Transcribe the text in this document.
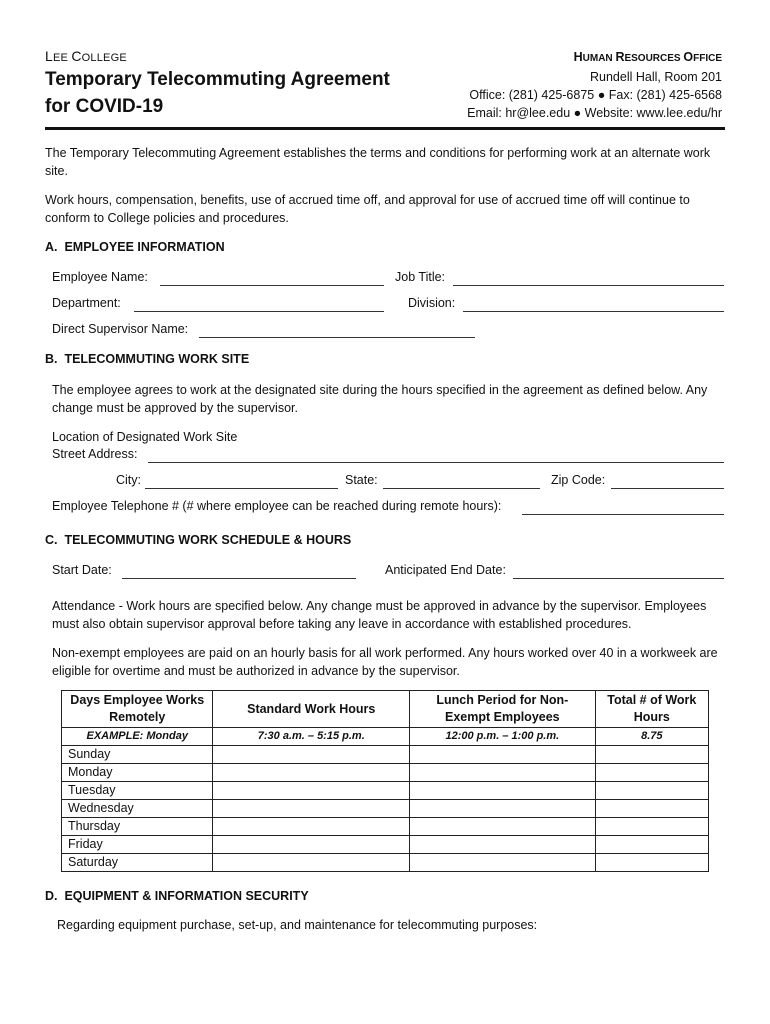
LEE COLLEGE
Temporary Telecommuting Agreement
for COVID-19
HUMAN RESOURCES OFFICE
Rundell Hall, Room 201
Office: (281) 425-6875 ● Fax: (281) 425-6568
Email: hr@lee.edu ● Website: www.lee.edu/hr
The Temporary Telecommuting Agreement establishes the terms and conditions for performing work at an alternate work site.
Work hours, compensation, benefits, use of accrued time off, and approval for use of accrued time off will continue to conform to College policies and procedures.
A.  EMPLOYEE INFORMATION
Employee Name:	Job Title:
Department:	Division:
Direct Supervisor Name:
B.  TELECOMMUTING WORK SITE
The employee agrees to work at the designated site during the hours specified in the agreement as defined below. Any change must be approved by the supervisor.
Location of Designated Work Site
Street Address:
City:	State:	Zip Code:
Employee Telephone # (# where employee can be reached during remote hours):
C.  TELECOMMUTING WORK SCHEDULE & HOURS
Start Date:	Anticipated End Date:
Attendance - Work hours are specified below. Any change must be approved in advance by the supervisor. Employees must also obtain supervisor approval before taking any leave in accordance with established procedures.
Non-exempt employees are paid on an hourly basis for all work performed. Any hours worked over 40 in a workweek are eligible for overtime and must be authorized in advance by the supervisor.
Days Employee Works Remotely	Standard Work Hours	Lunch Period for Non-Exempt Employees	Total # of Work Hours
EXAMPLE: Monday	7:30 a.m. – 5:15 p.m.	12:00 p.m. – 1:00 p.m.	8.75
Sunday			
Monday			
Tuesday			
Wednesday			
Thursday			
Friday			
Saturday			
D.  EQUIPMENT & INFORMATION SECURITY
Regarding equipment purchase, set-up, and maintenance for telecommuting purposes:
